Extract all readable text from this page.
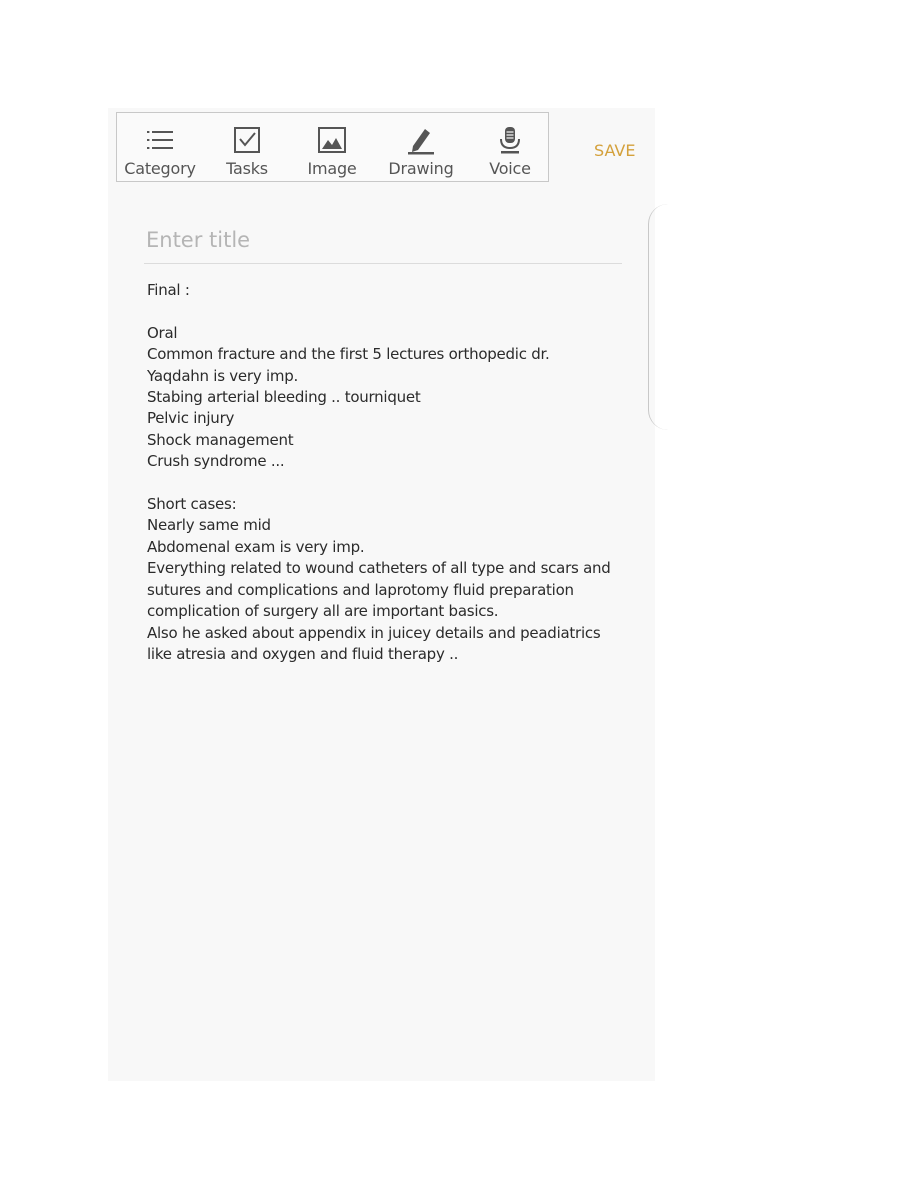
Category	Tasks	Image	Drawing	Voice
SAVE
Enter title
Final :

Oral
Common fracture and the first 5 lectures orthopedic dr.
Yaqdahn is very imp.
Stabing arterial bleeding .. tourniquet
Pelvic injury
Shock management
Crush syndrome ...

Short cases:
Nearly same mid
Abdomenal exam is very imp.
Everything related to wound catheters of all type and scars and sutures and complications and laprotomy fluid preparation complication of surgery all are important basics.
Also he asked about appendix in juicey details and peadiatrics like atresia and oxygen and fluid therapy ..
